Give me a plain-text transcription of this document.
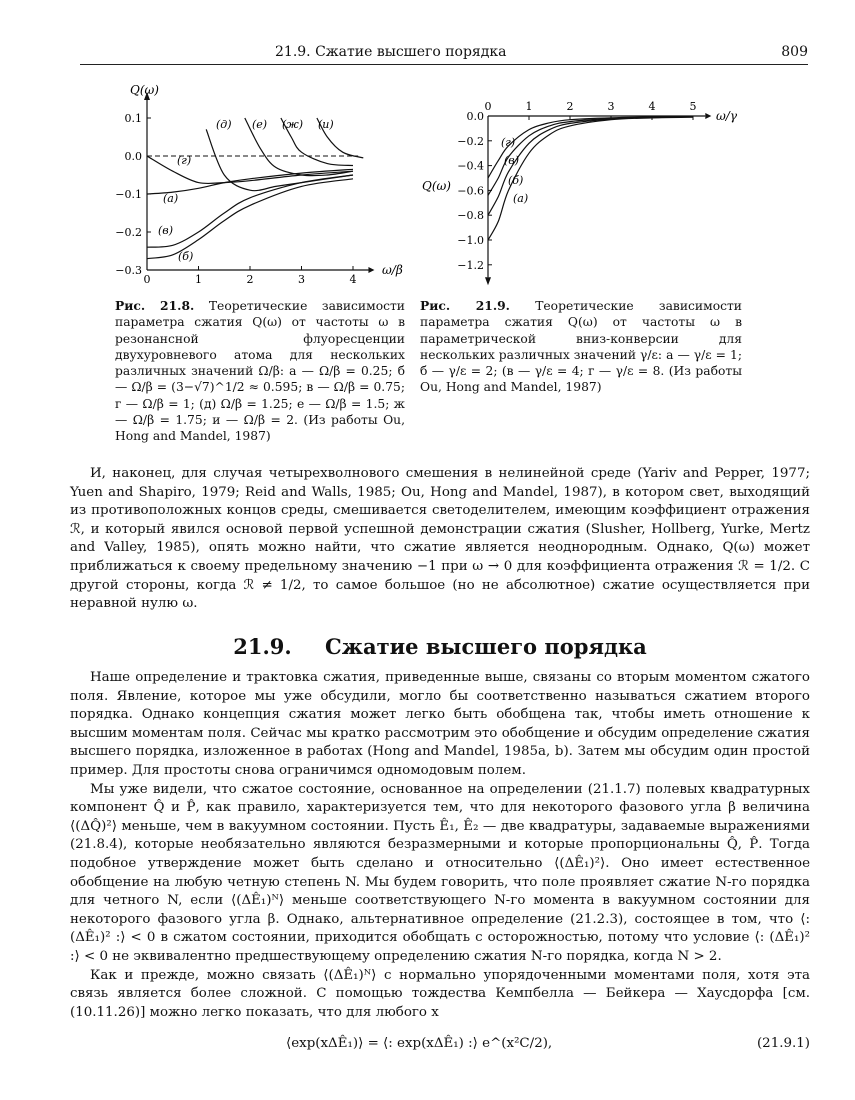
21.9. Сжатие высшего порядка	809
0	1	2	3	4
0.1
0.0
−0.1
−0.2
−0.3
Q(ω)
ω/β
(а)
(б)
(в)
(г)
(д) (е) (ж) (и)
0	1	2	3	4	5
0.0
−0.2
−0.4
−0.6
−0.8
−1.0
−1.2
Q(ω)
ω/γ
(а)
(б)
(в)
(г)
Рис. 21.8. Теоретические зависимости параметра сжатия Q(ω) от частоты ω в резонансной флуоресценции двухуровневого атома для нескольких различных значений Ω/β: а — Ω/β = 0.25; б — Ω/β = (3−√7)^1/2 ≈ 0.595; в — Ω/β = 0.75; г — Ω/β = 1; (д) Ω/β = 1.25; е — Ω/β = 1.5; ж — Ω/β = 1.75; и — Ω/β = 2. (Из работы Ou, Hong and Mandel, 1987)
Рис. 21.9. Теоретические зависимости параметра сжатия Q(ω) от частоты ω в параметрической вниз-конверсии для нескольких различных значений γ/ε: а — γ/ε = 1; б — γ/ε = 2; (в — γ/ε = 4; г — γ/ε = 8. (Из работы Ou, Hong and Mandel, 1987)
И, наконец, для случая четырехволнового смешения в нелинейной среде (Yariv and Pepper, 1977; Yuen and Shapiro, 1979; Reid and Walls, 1985; Ou, Hong and Mandel, 1987), в котором свет, выходящий из противоположных концов среды, смешивается светоделителем, имеющим коэффициент отражения ℛ, и который явился основой первой успешной демонстрации сжатия (Slusher, Hollberg, Yurke, Mertz and Valley, 1985), опять можно найти, что сжатие является неоднородным. Однако, Q(ω) может приближаться к своему предельному значению −1 при ω → 0 для коэффициента отражения ℛ = 1/2. С другой стороны, когда ℛ ≠ 1/2, то самое большое (но не абсолютное) сжатие осуществляется при неравной нулю ω.
21.9. Сжатие высшего порядка

Наше определение и трактовка сжатия, приведенные выше, связаны со вторым моментом сжатого поля. Явление, которое мы уже обсудили, могло бы соответственно называться сжатием второго порядка. Однако концепция сжатия может легко быть обобщена так, чтобы иметь отношение к высшим моментам поля. Сейчас мы кратко рассмотрим это обобщение и обсудим определение сжатия высшего порядка, изложенное в работах (Hong and Mandel, 1985a, b). Затем мы обсудим один простой пример. Для простоты снова ограничимся одномодовым полем.

Мы уже видели, что сжатое состояние, основанное на определении (21.1.7) полевых квадратурных компонент Q̂ и P̂, как правило, характеризуется тем, что для некоторого фазового угла β величина ⟨(ΔQ̂)²⟩ меньше, чем в вакуумном состоянии. Пусть Ê₁, Ê₂ — две квадратуры, задаваемые выражениями (21.8.4), которые необязательно являются безразмерными и которые пропорциональны Q̂, P̂. Тогда подобное утверждение может быть сделано и относительно ⟨(ΔÊ₁)²⟩. Оно имеет естественное обобщение на любую четную степень N. Мы будем говорить, что поле проявляет сжатие N-го порядка для четного N, если ⟨(ΔÊ₁)ᴺ⟩ меньше соответствующего N-го момента в вакуумном состоянии для некоторого фазового угла β. Однако, альтернативное определение (21.2.3), состоящее в том, что ⟨: (ΔÊ₁)² :⟩ < 0 в сжатом состоянии, приходится обобщать с осторожностью, потому что условие ⟨: (ΔÊ₁)² :⟩ < 0 не эквивалентно предшествующему определению сжатия N-го порядка, когда N > 2.

Как и прежде, можно связать ⟨(ΔÊ₁)ᴺ⟩ с нормально упорядоченными моментами поля, хотя эта связь является более сложной. С помощью тождества Кемпбелла — Бейкера — Хаусдорфа [см. (10.11.26)] можно легко показать, что для любого x

⟨exp(xΔÊ₁)⟩ = ⟨: exp(xΔÊ₁) :⟩ e^(x²C/2),	(21.9.1)
